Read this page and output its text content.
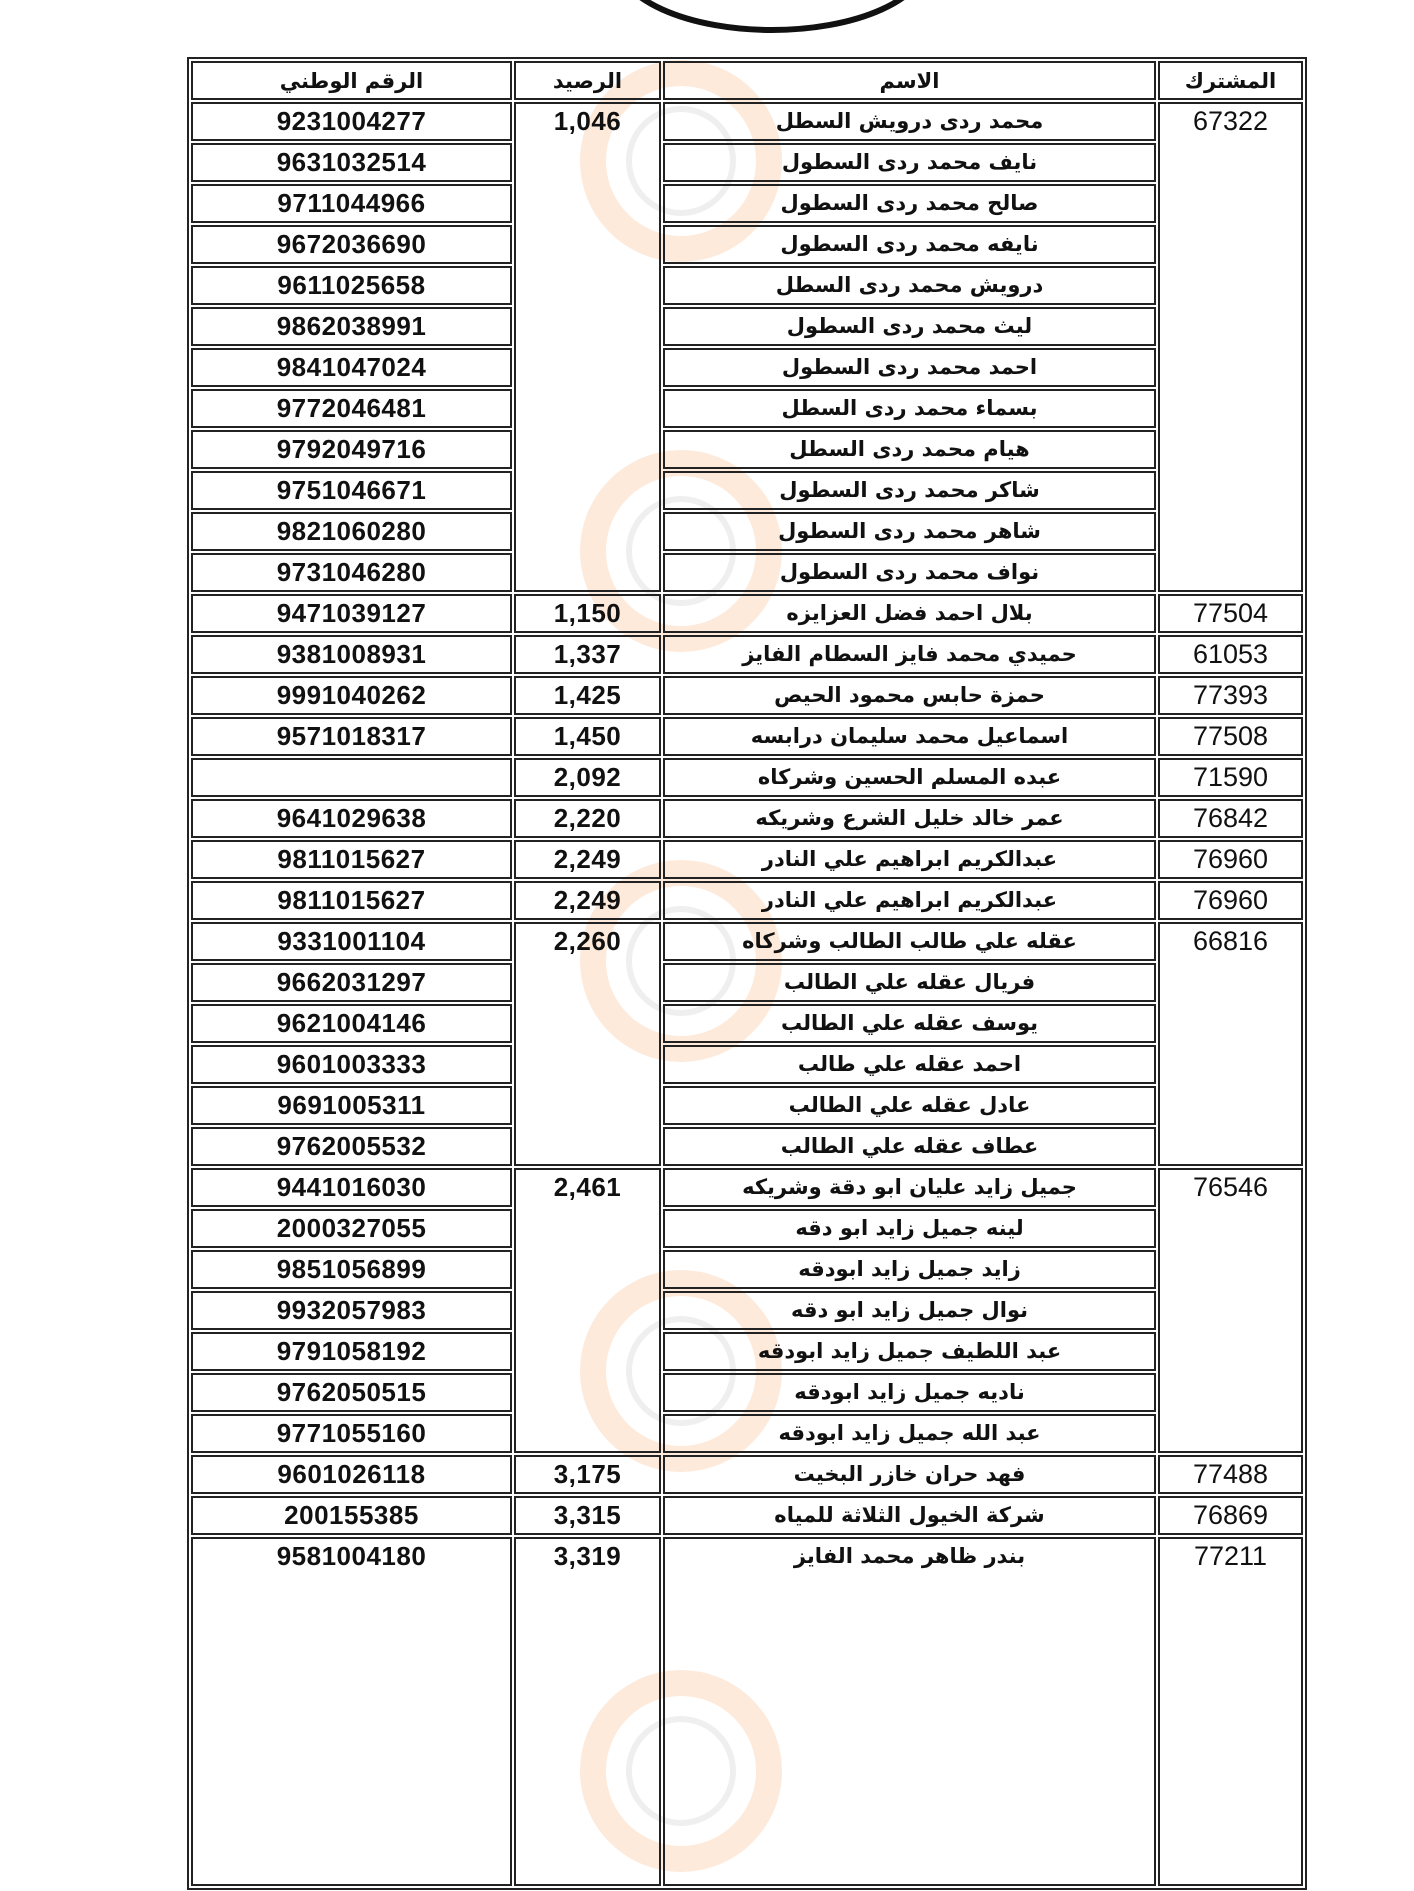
المشترك	الاسم	الرصيد	الرقم الوطني
67322	محمد ردى درويش السطل	1,046	9231004277
	نايف محمد ردى السطول		9631032514
	صالح محمد ردى السطول		9711044966
	نايفه محمد ردى السطول		9672036690
	درويش محمد ردى السطل		9611025658
	ليث محمد ردى السطول		9862038991
	احمد محمد ردى السطول		9841047024
	بسماء محمد ردى السطل		9772046481
	هيام محمد ردى السطل		9792049716
	شاكر محمد ردى السطول		9751046671
	شاهر محمد ردى السطول		9821060280
	نواف محمد ردى السطول		9731046280
77504	بلال احمد فضل العزايزه	1,150	9471039127
61053	حميدي محمد فايز السطام الفايز	1,337	9381008931
77393	حمزة حابس محمود الحيص	1,425	9991040262
77508	اسماعيل محمد سليمان درابسه	1,450	9571018317
71590	عبده المسلم الحسين وشركاه	2,092	
76842	عمر خالد خليل الشرع وشريكه	2,220	9641029638
76960	عبدالكريم ابراهيم علي النادر	2,249	9811015627
76960	عبدالكريم ابراهيم علي النادر	2,249	9811015627
66816	عقله علي طالب الطالب وشركاه	2,260	9331001104
	فريال عقله علي الطالب		9662031297
	يوسف عقله علي الطالب		9621004146
	احمد عقله علي طالب		9601003333
	عادل عقله علي الطالب		9691005311
	عطاف عقله علي الطالب		9762005532
76546	جميل زايد عليان ابو دقة وشريكه	2,461	9441016030
	لينه جميل زايد ابو دقه		2000327055
	زايد جميل زايد ابودقه		9851056899
	نوال جميل زايد ابو دقه		9932057983
	عبد اللطيف جميل زايد ابودقه		9791058192
	ناديه جميل زايد ابودقه		9762050515
	عبد الله جميل زايد ابودقه		9771055160
77488	فهد حران خازر البخيت	3,175	9601026118
76869	شركة الخيول الثلاثة للمياه	3,315	200155385
77211	بندر ظاهر محمد الفايز	3,319	9581004180
